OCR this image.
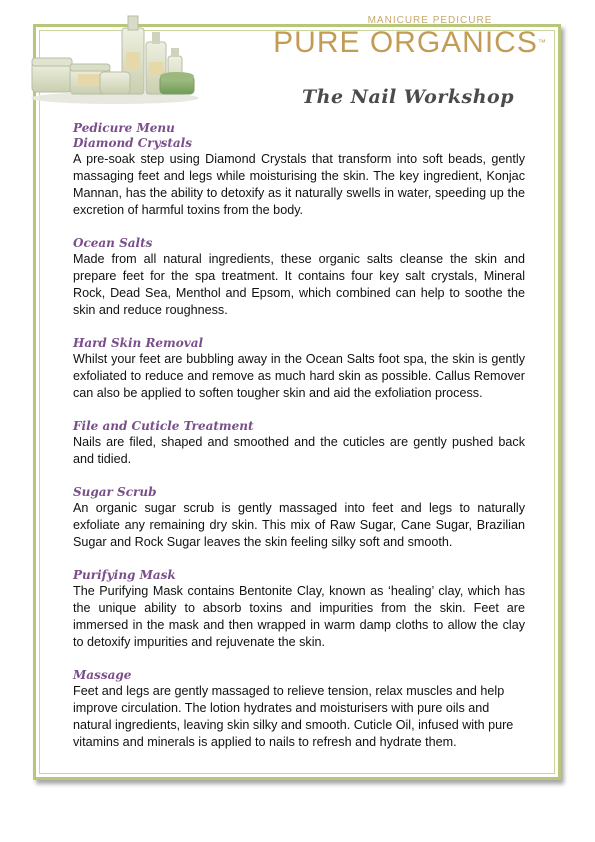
MANICURE PEDICURE
PURE ORGANICS™
The Nail Workshop
Pedicure Menu
Diamond Crystals

A pre-soak step using Diamond Crystals that transform into soft beads, gently massaging feet and legs while moisturising the skin. The key ingredient, Konjac Mannan, has the ability to detoxify as it naturally swells in water, speeding up the excretion of harmful toxins from the body.

Ocean Salts

Made from all natural ingredients, these organic salts cleanse the skin and prepare feet for the spa treatment. It contains four key salt crystals, Mineral Rock, Dead Sea, Menthol and Epsom, which combined can help to soothe the skin and reduce roughness.

Hard Skin Removal

Whilst your feet are bubbling away in the Ocean Salts foot spa, the skin is gently exfoliated to reduce and remove as much hard skin as possible. Callus Remover can also be applied to soften tougher skin and aid the exfoliation process.

File and Cuticle Treatment

Nails are filed, shaped and smoothed and the cuticles are gently pushed back and tidied.

Sugar Scrub

An organic sugar scrub is gently massaged into feet and legs to naturally exfoliate any remaining dry skin. This mix of Raw Sugar, Cane Sugar, Brazilian Sugar and Rock Sugar leaves the skin feeling silky soft and smooth.

Purifying Mask

The Purifying Mask contains Bentonite Clay, known as ‘healing’ clay, which has the unique ability to absorb toxins and impurities from the skin. Feet are immersed in the mask and then wrapped in warm damp cloths to allow the clay to detoxify impurities and rejuvenate the skin.

Massage

Feet and legs are gently massaged to relieve tension, relax muscles and help improve circulation. The lotion hydrates and moisturisers with pure oils and natural ingredients, leaving skin silky and smooth. Cuticle Oil, infused with pure vitamins and minerals is applied to nails to refresh and hydrate them.
